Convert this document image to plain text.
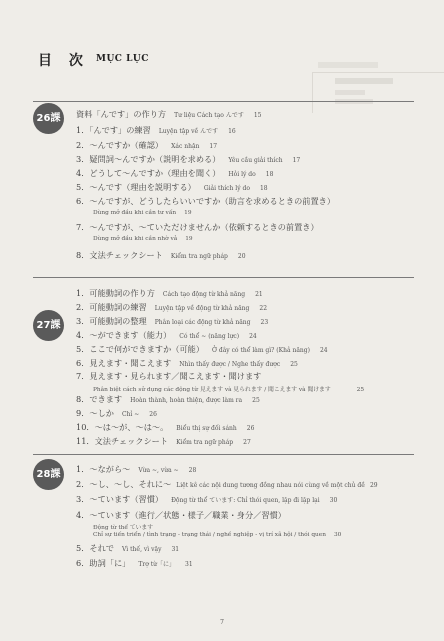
目 次 MỤC LỤC
26課	資料「んです」の作り方 Tư liệu Cách tạo んです 15
1．「んです」の練習 Luyện tập về んです 16
2．〜んですか（確認） Xác nhận 17
3．疑問詞〜んですか（説明を求める） Yêu cầu giải thích 17
4．どうして〜んですか（理由を聞く） Hỏi lý do 18
5．〜んです（理由を説明する） Giải thích lý do 18
6．〜んですが、どうしたらいいですか（助言を求めるときの前置き）
Dùng mở đầu khi cần tư vấn 19
7．〜んですが、〜ていただけませんか（依頼するときの前置き）
Dùng mở đầu khi cần nhờ vả 19
8．文法チェックシート Kiểm tra ngữ pháp 20
27課
1．可能動詞の作り方 Cách tạo động từ khả năng 21
2．可能動詞の練習 Luyện tập về động từ khả năng 22
3．可能動詞の整理 Phân loại các động từ khả năng 23
4．〜ができます（能力） Có thể ~ (năng lực) 24
5．ここで何ができますか（可能） Ở đây có thể làm gì? (Khả năng) 24
6．見えます・聞こえます Nhìn thấy được / Nghe thấy được 25
7．見えます・見られます／聞こえます・聞けます
Phân biệt cách sử dụng các động từ 見えます và 見られます / 聞こえます và 聞けます	25
8．できます Hoàn thành, hoàn thiện, được làm ra 25
9．〜しか Chỉ ~ 26
10．〜は〜が、〜は〜。 Biểu thị sự đối sánh 26
11．文法チェックシート Kiểm tra ngữ pháp 27
28課	1．〜ながら〜 Vừa ~, vừa ~ 28
2．〜し、〜し、それに〜 Liệt kê các nội dung tương đồng nhau nói cùng về một chủ đề 29
3．〜ています（習慣） Động từ thể ています: Chỉ thói quen, lặp đi lặp lại 30
4．〜ています（進行／状態・様子／職業・身分／習慣）
Động từ thể ています
Chỉ sự tiến triển / tình trạng - trạng thái / nghề nghiệp - vị trí xã hội / thói quen 30
5．それで Vì thế, vì vậy 31
6．助詞「に」 Trợ từ「に」 31
7
